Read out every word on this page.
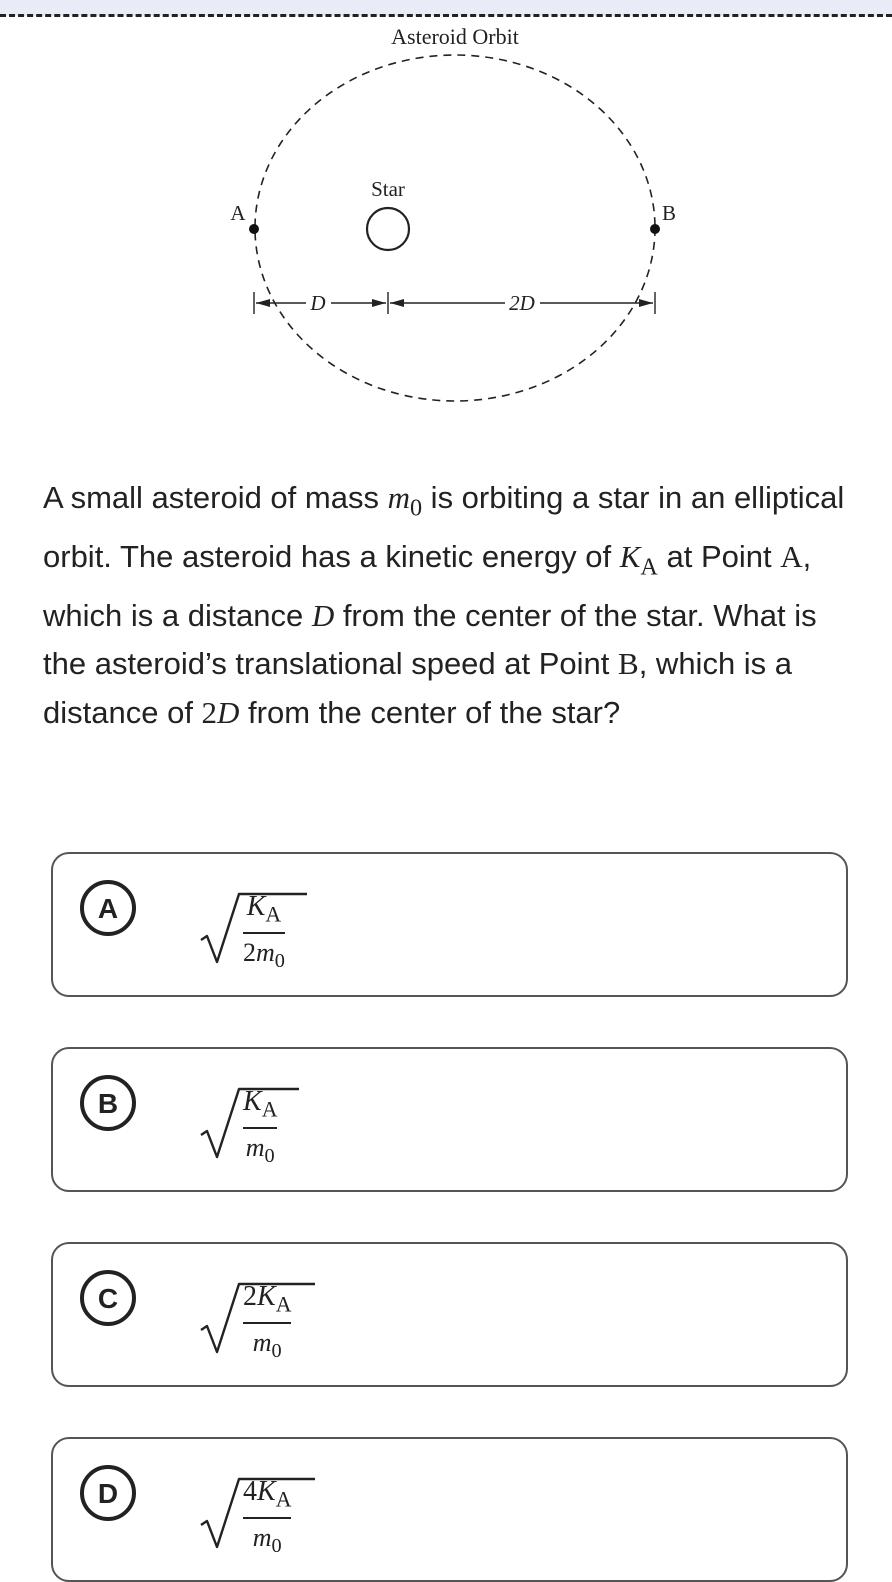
Asteroid Orbit
Star
A	B
D	2D
A small asteroid of mass $m_0$ is orbiting a star in an elliptical orbit. The asteroid has a kinetic energy of $K_A$ at Point A, which is a distance D from the center of the star. What is the asteroid’s translational speed at Point B, which is a distance of 2D from the center of the star?
A	$K_A$
$2m_0$
B	$K_A$
$m_0$
C	$2K_A$
$m_0$
D	$4K_A$
$m_0$
